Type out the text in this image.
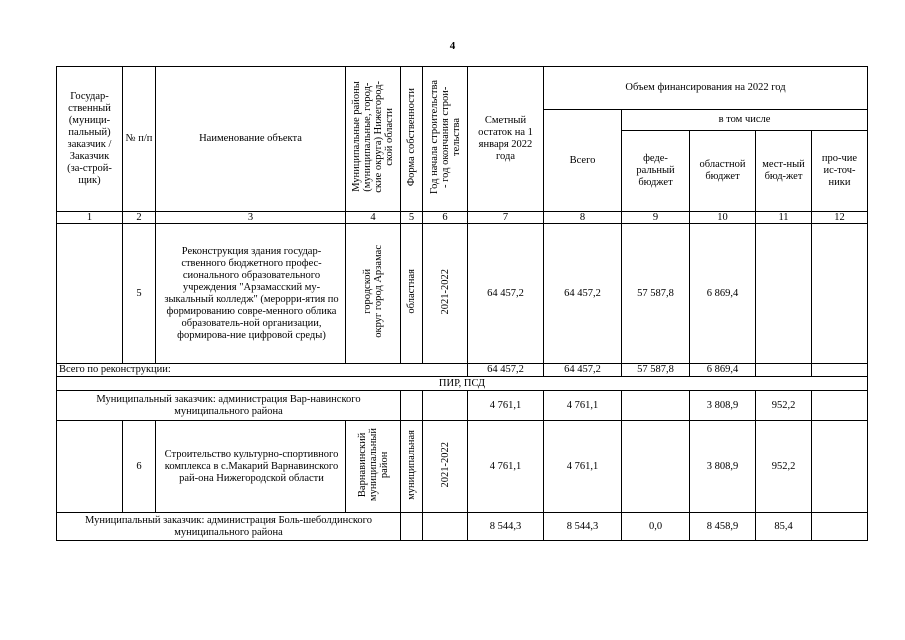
4
Государ-ственный (муници-пальный) заказчик / Заказчик (за-строй-щик)	№ п/п	Наименование объекта	Муниципальные районы
(муниципальные, город-
ские округа) Нижегород-
ской области	Форма собственности	Год начала строительства
- год окончания строи-
тельства	Сметный остаток на 1 января 2022 года	Объем финансирования на 2022 год				
							Всего	в том числе			
								феде-ральный бюджет	областной бюджет	мест-ный бюд-жет	про-чие ис-точ-ники
1	2	3	4	5	6	7	8	9	10	11	12
	5	Реконструкция здания государ-ственного бюджетного профес-сионального образовательного учреждения "Арзамасский му-зыкальный колледж" (мероpри-ятия по формированию совре-менного облика образователь-ной организации, формирова-ние цифровой среды)	городской
округ город Арзамас	областная	2021-2022	64 457,2	64 457,2	57 587,8	6 869,4		
Всего по реконструкции:						64 457,2	64 457,2	57 587,8	6 869,4		
ПИР, ПСД											
Муниципальный заказчик: администрация Вар-навинского муниципального района						4 761,1	4 761,1		3 808,9	952,2	
	6	Строительство культурно-спортивного комплекса в с.Макарий Варнавинского рай-она Нижегородской области	Варнавинский
муниципальный
район	муниципальная	2021-2022	4 761,1	4 761,1		3 808,9	952,2	
Муниципальный заказчик: администрация Боль-шеболдинского муниципального района						8 544,3	8 544,3	0,0	8 458,9	85,4	
